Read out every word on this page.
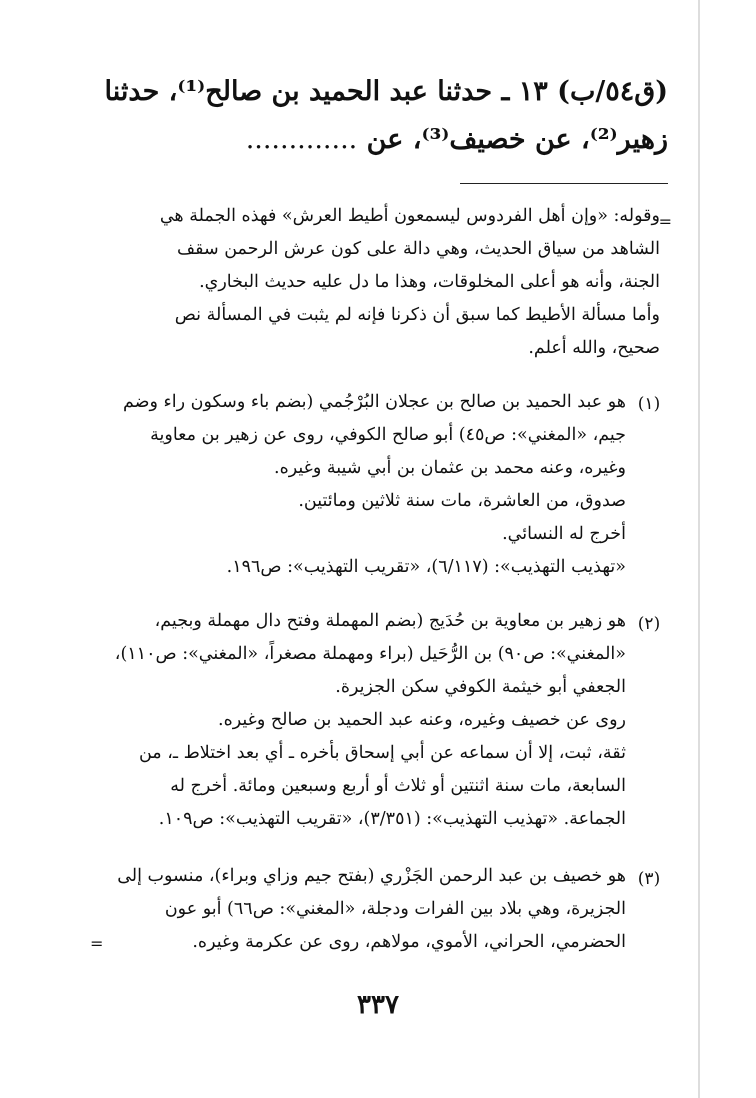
(ق٥٤/ب) ١٣ ـ حدثنا عبد الحميد بن صالح⁽¹⁾، حدثنا
زهير⁽²⁾، عن خصيف⁽³⁾، عن .............
=

وقوله: «وإن أهل الفردوس ليسمعون أطيط العرش» فهذه الجملة هي

الشاهد من سياق الحديث، وهي دالة على كون عرش الرحمن سقف

الجنة، وأنه هو أعلى المخلوقات، وهذا ما دل عليه حديث البخاري.

وأما مسألة الأطيط كما سبق أن ذكرنا فإنه لم يثبت في المسألة نص

صحيح، والله أعلم.

(١)

هو عبد الحميد بن صالح بن عجلان البُرْجُمي (بضم باء وسكون راء وضم

جيم، «المغني»: ص٤٥) أبو صالح الكوفي، روى عن زهير بن معاوية

وغيره، وعنه محمد بن عثمان بن أبي شيبة وغيره.

صدوق، من العاشرة، مات سنة ثلاثين ومائتين.

أخرج له النسائي.

«تهذيب التهذيب»: (٦/١١٧)، «تقريب التهذيب»: ص١٩٦.

(٢)

هو زهير بن معاوية بن حُدَيج (بضم المهملة وفتح دال مهملة وبجيم،

«المغني»: ص٩٠) بن الرُّحَيل (براء ومهملة مصغراً، «المغني»: ص١١٠)،

الجعفي أبو خيثمة الكوفي سكن الجزيرة.

روى عن خصيف وغيره، وعنه عبد الحميد بن صالح وغيره.

ثقة، ثبت، إلا أن سماعه عن أبي إسحاق بأخره ـ أي بعد اختلاط ـ، من

السابعة، مات سنة اثنتين أو ثلاث أو أربع وسبعين ومائة. أخرج له

الجماعة. «تهذيب التهذيب»: (٣/٣٥١)، «تقريب التهذيب»: ص١٠٩.

(٣)

هو خصيف بن عبد الرحمن الجَزْري (بفتح جيم وزاي وبراء)، منسوب إلى

الجزيرة، وهي بلاد بين الفرات ودجلة، «المغني»: ص٦٦) أبو عون

الحضرمي، الحراني، الأموي، مولاهم، روى عن عكرمة وغيره.

=
٣٣٧
